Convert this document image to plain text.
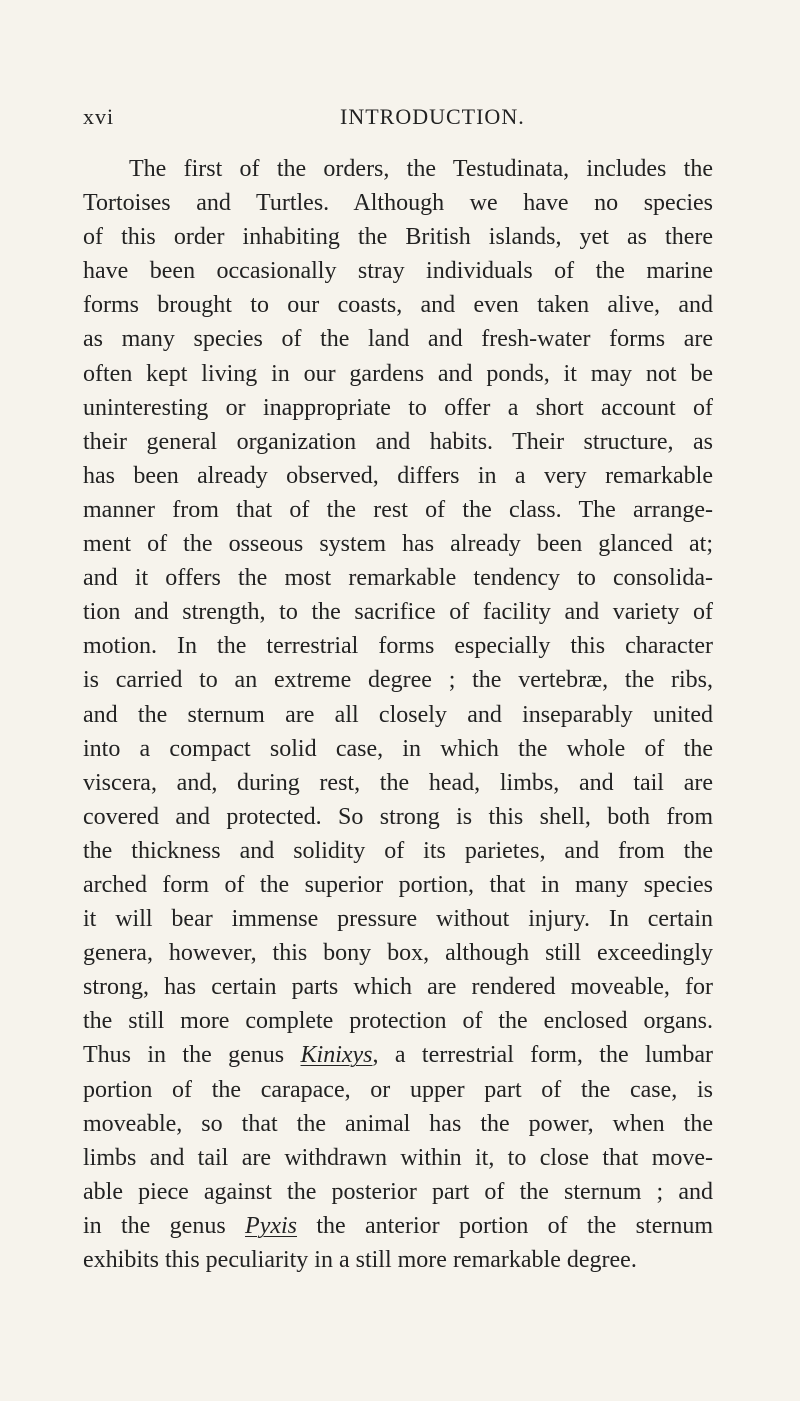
xvi	INTRODUCTION.
The first of the orders, the Testudinata, includes the
Tortoises and Turtles. Although we have no species
of this order inhabiting the British islands, yet as there
have been occasionally stray individuals of the marine
forms brought to our coasts, and even taken alive, and
as many species of the land and fresh-water forms are
often kept living in our gardens and ponds, it may not be
uninteresting or inappropriate to offer a short account of
their general organization and habits. Their structure, as
has been already observed, differs in a very remarkable
manner from that of the rest of the class. The arrange-
ment of the osseous system has already been glanced at;
and it offers the most remarkable tendency to consolida-
tion and strength, to the sacrifice of facility and variety of
motion. In the terrestrial forms especially this character
is carried to an extreme degree ; the vertebræ, the ribs,
and the sternum are all closely and inseparably united
into a compact solid case, in which the whole of the
viscera, and, during rest, the head, limbs, and tail are
covered and protected. So strong is this shell, both from
the thickness and solidity of its parietes, and from the
arched form of the superior portion, that in many species
it will bear immense pressure without injury. In certain
genera, however, this bony box, although still exceedingly
strong, has certain parts which are rendered moveable, for
the still more complete protection of the enclosed organs.
Thus in the genus Kinixys, a terrestrial form, the lumbar
portion of the carapace, or upper part of the case, is
moveable, so that the animal has the power, when the
limbs and tail are withdrawn within it, to close that move-
able piece against the posterior part of the sternum ; and
in the genus Pyxis the anterior portion of the sternum
exhibits this peculiarity in a still more remarkable degree.
